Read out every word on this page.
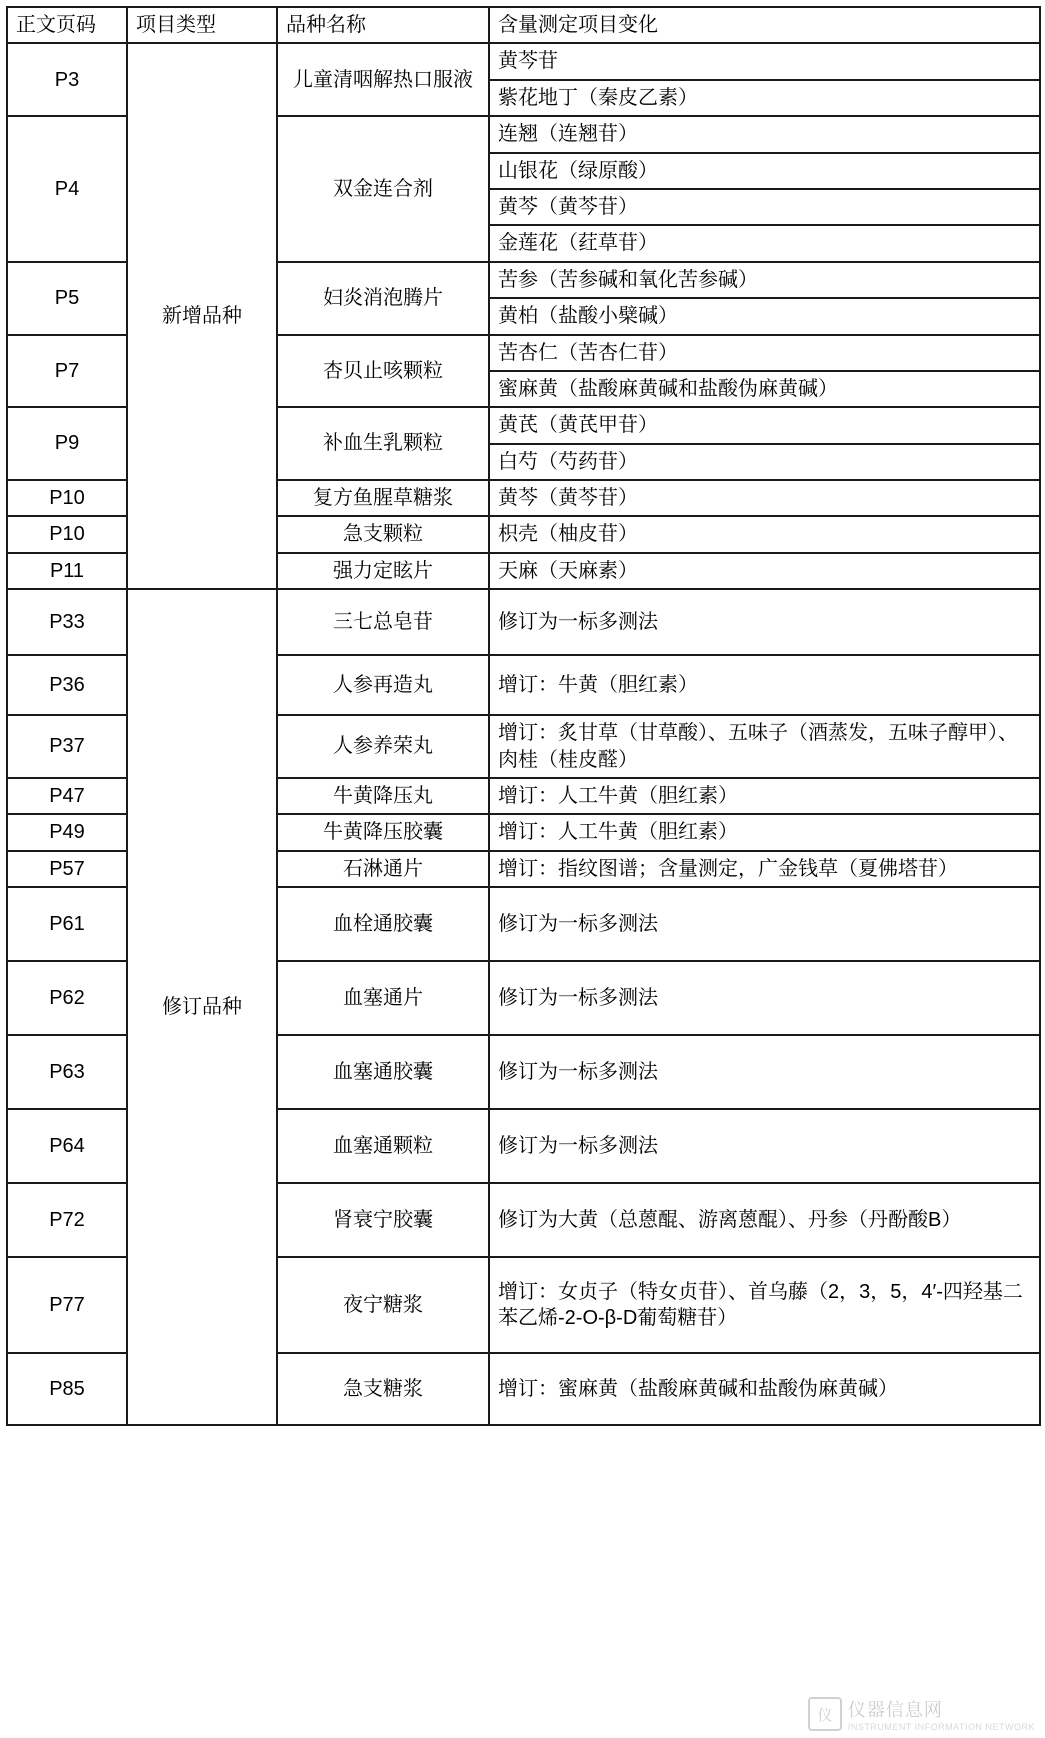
正文页码	项目类型	品种名称	含量测定项目变化
P3	新增品种	儿童清咽解热口服液	黄芩苷
			紫花地丁（秦皮乙素）
P4		双金连合剂	连翘（连翘苷）
			山银花（绿原酸）
			黄芩（黄芩苷）
			金莲花（荭草苷）
P5		妇炎消泡腾片	苦参（苦参碱和氧化苦参碱）
			黄柏（盐酸小檗碱）
P7		杏贝止咳颗粒	苦杏仁（苦杏仁苷）
			蜜麻黄（盐酸麻黄碱和盐酸伪麻黄碱）
P9		补血生乳颗粒	黄芪（黄芪甲苷）
			白芍（芍药苷）
P10		复方鱼腥草糖浆	黄芩（黄芩苷）
P10		急支颗粒	枳壳（柚皮苷）
P11		强力定眩片	天麻（天麻素）
P33	修订品种	三七总皂苷	修订为一标多测法
P36		人参再造丸	增订：牛黄（胆红素）
P37		人参养荣丸	增订：炙甘草（甘草酸）、五味子（酒蒸发，五味子醇甲）、肉桂（桂皮醛）
P47		牛黄降压丸	增订：人工牛黄（胆红素）
P49		牛黄降压胶囊	增订：人工牛黄（胆红素）
P57		石淋通片	增订：指纹图谱；含量测定，广金钱草（夏佛塔苷）
P61		血栓通胶囊	修订为一标多测法
P62		血塞通片	修订为一标多测法
P63		血塞通胶囊	修订为一标多测法
P64		血塞通颗粒	修订为一标多测法
P72		肾衰宁胶囊	修订为大黄（总蒽醌、游离蒽醌）、丹参（丹酚酸B）
P77		夜宁糖浆	增订：女贞子（特女贞苷）、首乌藤（2，3，5，4′-四羟基二苯乙烯-2-O-β-D葡萄糖苷）
P85		急支糖浆	增订：蜜麻黄（盐酸麻黄碱和盐酸伪麻黄碱）
仪 仪器信息网
INSTRUMENT INFORMATION NETWORK
